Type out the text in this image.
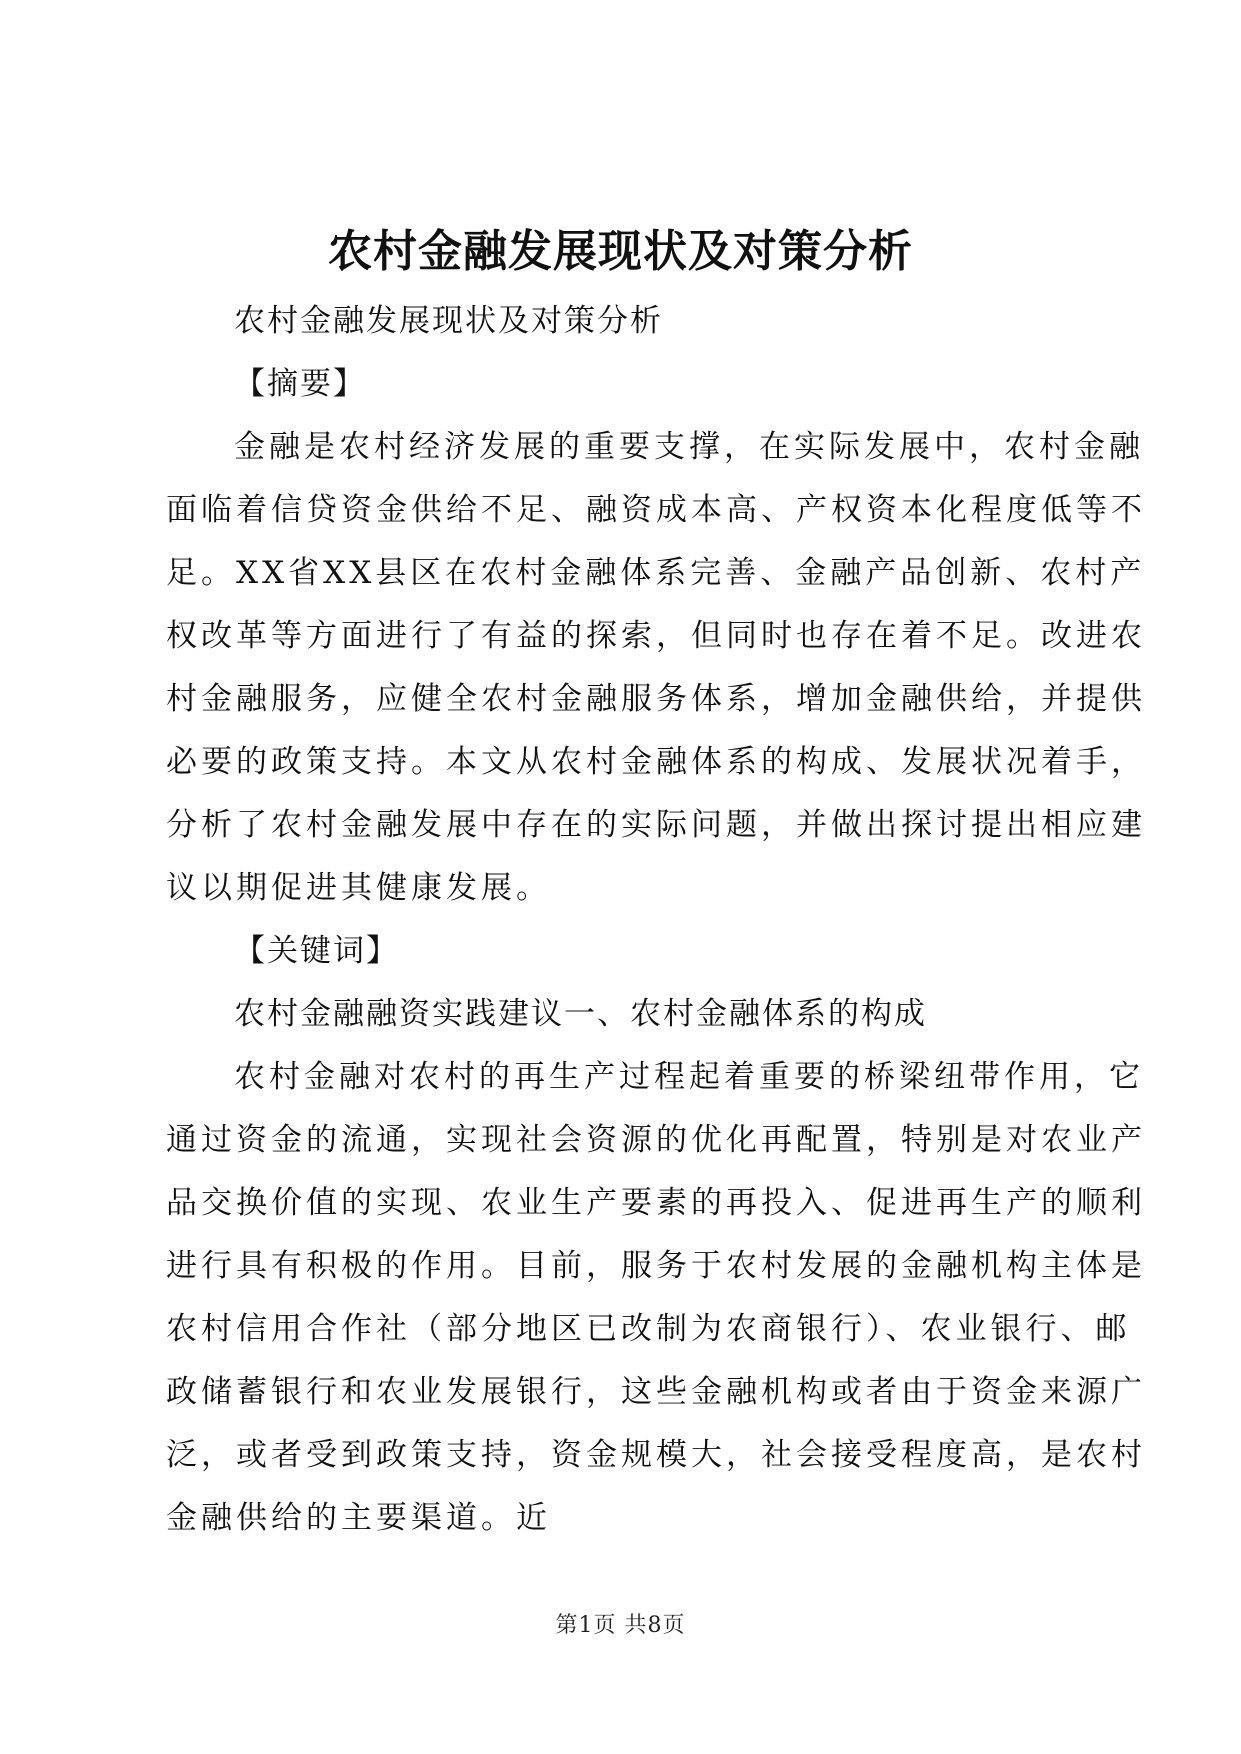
农村金融发展现状及对策分析

农村金融发展现状及对策分析

【摘要】

金融是农村经济发展的重要支撑，在实际发展中，农村金融
面临着信贷资金供给不足、融资成本高、产权资本化程度低等不
足。XX省XX县区在农村金融体系完善、金融产品创新、农村产
权改革等方面进行了有益的探索，但同时也存在着不足。改进农
村金融服务，应健全农村金融服务体系，增加金融供给，并提供
必要的政策支持。本文从农村金融体系的构成、发展状况着手，
分析了农村金融发展中存在的实际问题，并做出探讨提出相应建
议以期促进其健康发展。

【关键词】

农村金融融资实践建议一、农村金融体系的构成

农村金融对农村的再生产过程起着重要的桥梁纽带作用，它
通过资金的流通，实现社会资源的优化再配置，特别是对农业产
品交换价值的实现、农业生产要素的再投入、促进再生产的顺利
进行具有积极的作用。目前，服务于农村发展的金融机构主体是
农村信用合作社（部分地区已改制为农商银行）、农业银行、邮
政储蓄银行和农业发展银行，这些金融机构或者由于资金来源广
泛，或者受到政策支持，资金规模大，社会接受程度高，是农村
金融供给的主要渠道。近
第1页 共8页
